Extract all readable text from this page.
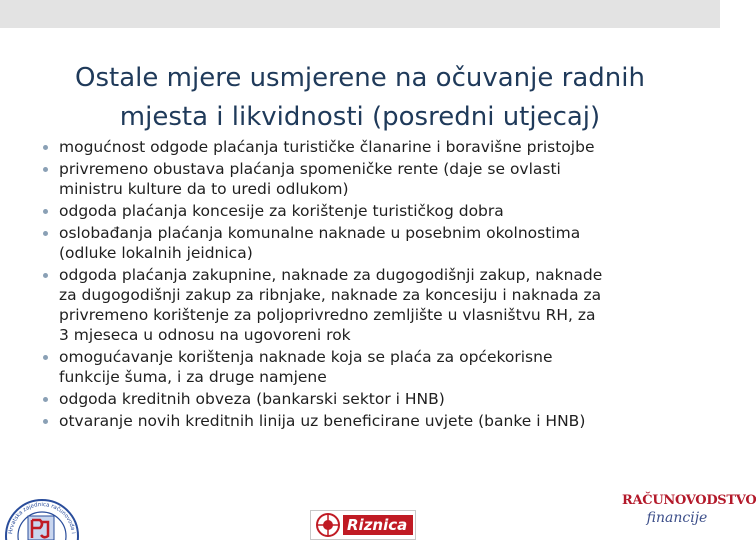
Ostale mjere usmjerene na očuvanje radnih
mjesta i likvidnosti (posredni utjecaj)
mogućnost odgode plaćanja turističke članarine i boravišne pristojbe
privremeno obustava plaćanja spomeničke rente (daje se ovlasti
ministru kulture da to uredi odlukom)
odgoda plaćanja koncesije za korištenje turističkog dobra
oslobađanja plaćanja komunalne naknade u posebnim okolnostima
(odluke lokalnih jeidnica)
odgoda plaćanja zakupnine, naknade za dugogodišnji zakup, naknade
za dugogodišnji zakup za ribnjake, naknade za koncesiju i naknada za
privremeno korištenje za poljoprivredno zemljište u vlasništvu RH, za
3 mjeseca u odnosu na ugovoreni rok
omogućavanje korištenja naknade koja se plaća za općekorisne
funkcije šuma, i za druge namjene
odgoda kreditnih obveza (bankarski sektor i HNB)
otvaranje novih kreditnih linija uz beneficirane uvjete (banke i HNB)
Hrvatska zajednica računovođa i	Riznica
RAČUNOVODSTVO
financije
